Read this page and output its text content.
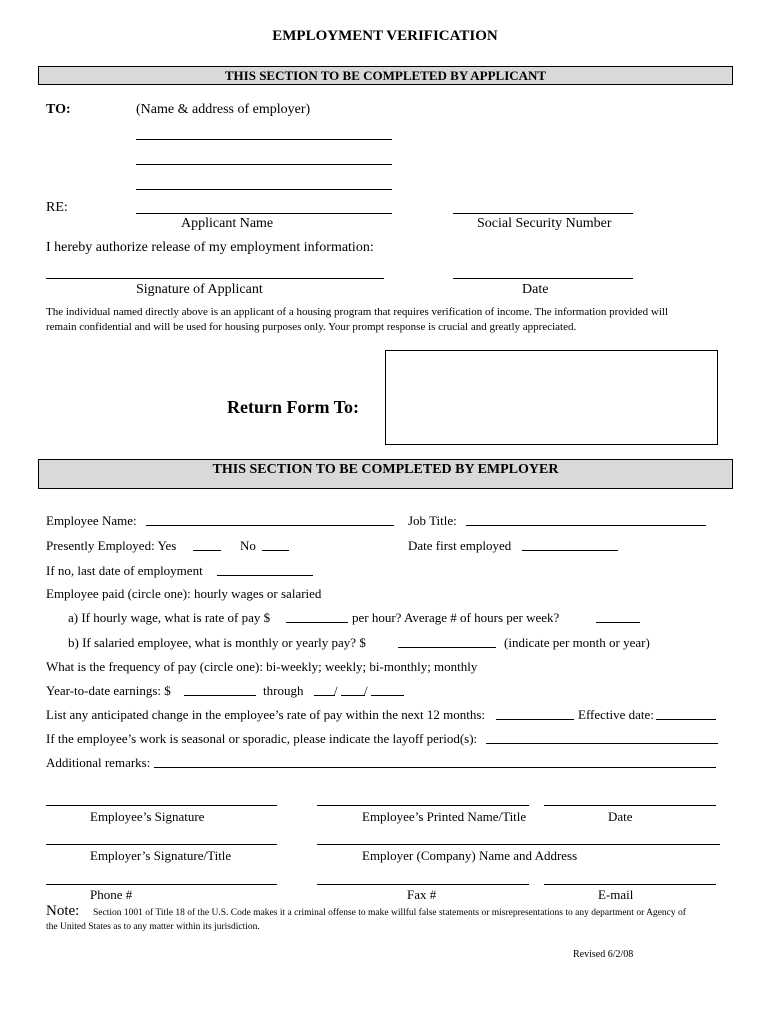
EMPLOYMENT VERIFICATION
THIS SECTION TO BE COMPLETED BY APPLICANT
TO:	(Name & address of employer)
RE:
Applicant Name	Social Security Number
I hereby authorize release of my employment information:
Signature of Applicant	Date
The individual named directly above is an applicant of a housing program that requires verification of income. The information provided will
remain confidential and will be used for housing purposes only. Your prompt response is crucial and greatly appreciated.
Return Form To:
THIS SECTION TO BE COMPLETED BY EMPLOYER
Employee Name:	Job Title:
Presently Employed: Yes	No	Date first employed
If no, last date of employment
Employee paid (circle one): hourly wages or salaried
a) If hourly wage, what is rate of pay $	per hour? Average # of hours per week?
b) If salaried employee, what is monthly or yearly pay? $	(indicate per month or year)
What is the frequency of pay (circle one): bi-weekly; weekly; bi-monthly; monthly
Year-to-date earnings: $	through / /
List any anticipated change in the employee’s rate of pay within the next 12 months:	Effective date:
If the employee’s work is seasonal or sporadic, please indicate the layoff period(s):
Additional remarks:
Employee’s Signature	Employee’s Printed Name/Title	Date
Employer’s Signature/Title	Employer (Company) Name and Address
Phone #	Fax #	E-mail
Note: Section 1001 of Title 18 of the U.S. Code makes it a criminal offense to make willful false statements or misrepresentations to any department or Agency of
the United States as to any matter within its jurisdiction.
Revised 6/2/08
